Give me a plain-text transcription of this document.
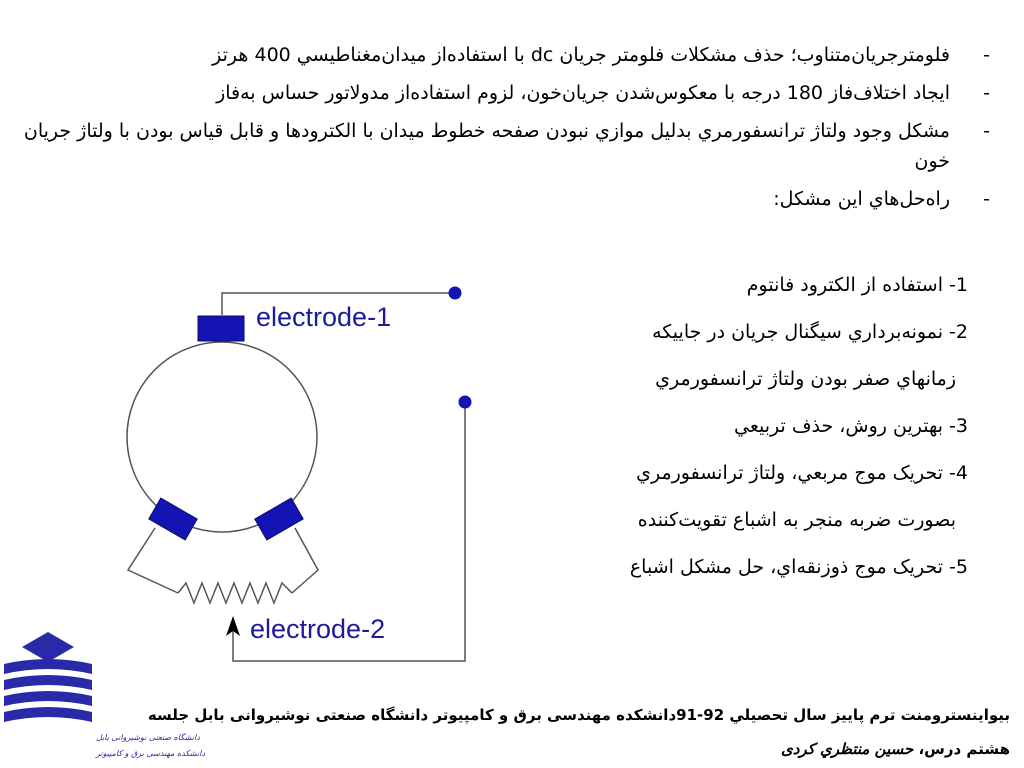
-
فلومترجريان‌متناوب؛ حذف مشکلات فلومتر جريان dc با استفاده‌از ميدان‌مغناطيسي 400 هرتز
-
ايجاد اختلاف‌فاز 180 درجه با معکوس‌شدن جريان‌خون، لزوم استفاده‌از مدولاتور حساس به‌فاز
-
مشکل وجود ولتاژ ترانسفورمري بدليل موازي نبودن صفحه خطوط ميدان با الکترودها و قابل قياس بودن با ولتاژ جريان خون
-
راه‌حل‌هاي اين مشکل:
1- استفاده از الکترود فانتوم
2- نمونه‌برداري سيگنال جريان در جاييکه
زمانهاي صفر بودن ولتاژ ترانسفورمري
3- بهترين روش، حذف تربيعي
4- تحريک موج مربعي، ولتاژ ترانسفورمري
بصورت ضربه منجر به اشباع تقويت‌کننده
5- تحريک موج ذوزنقه‌اي، حل مشکل اشباع
electrode-1
electrode-2
بيواينسترومنت ترم پاييز سال تحصيلي 92-91دانشکده مهندسی برق و کامپيوتر دانشگاه صنعتی نوشيروانی بابل جلسه
هشتم درس، حسين منتظري کردی
دانشگاه صنعتی نوشیروانی بابل
دانشکده مهندسی برق و کامپیوتر
